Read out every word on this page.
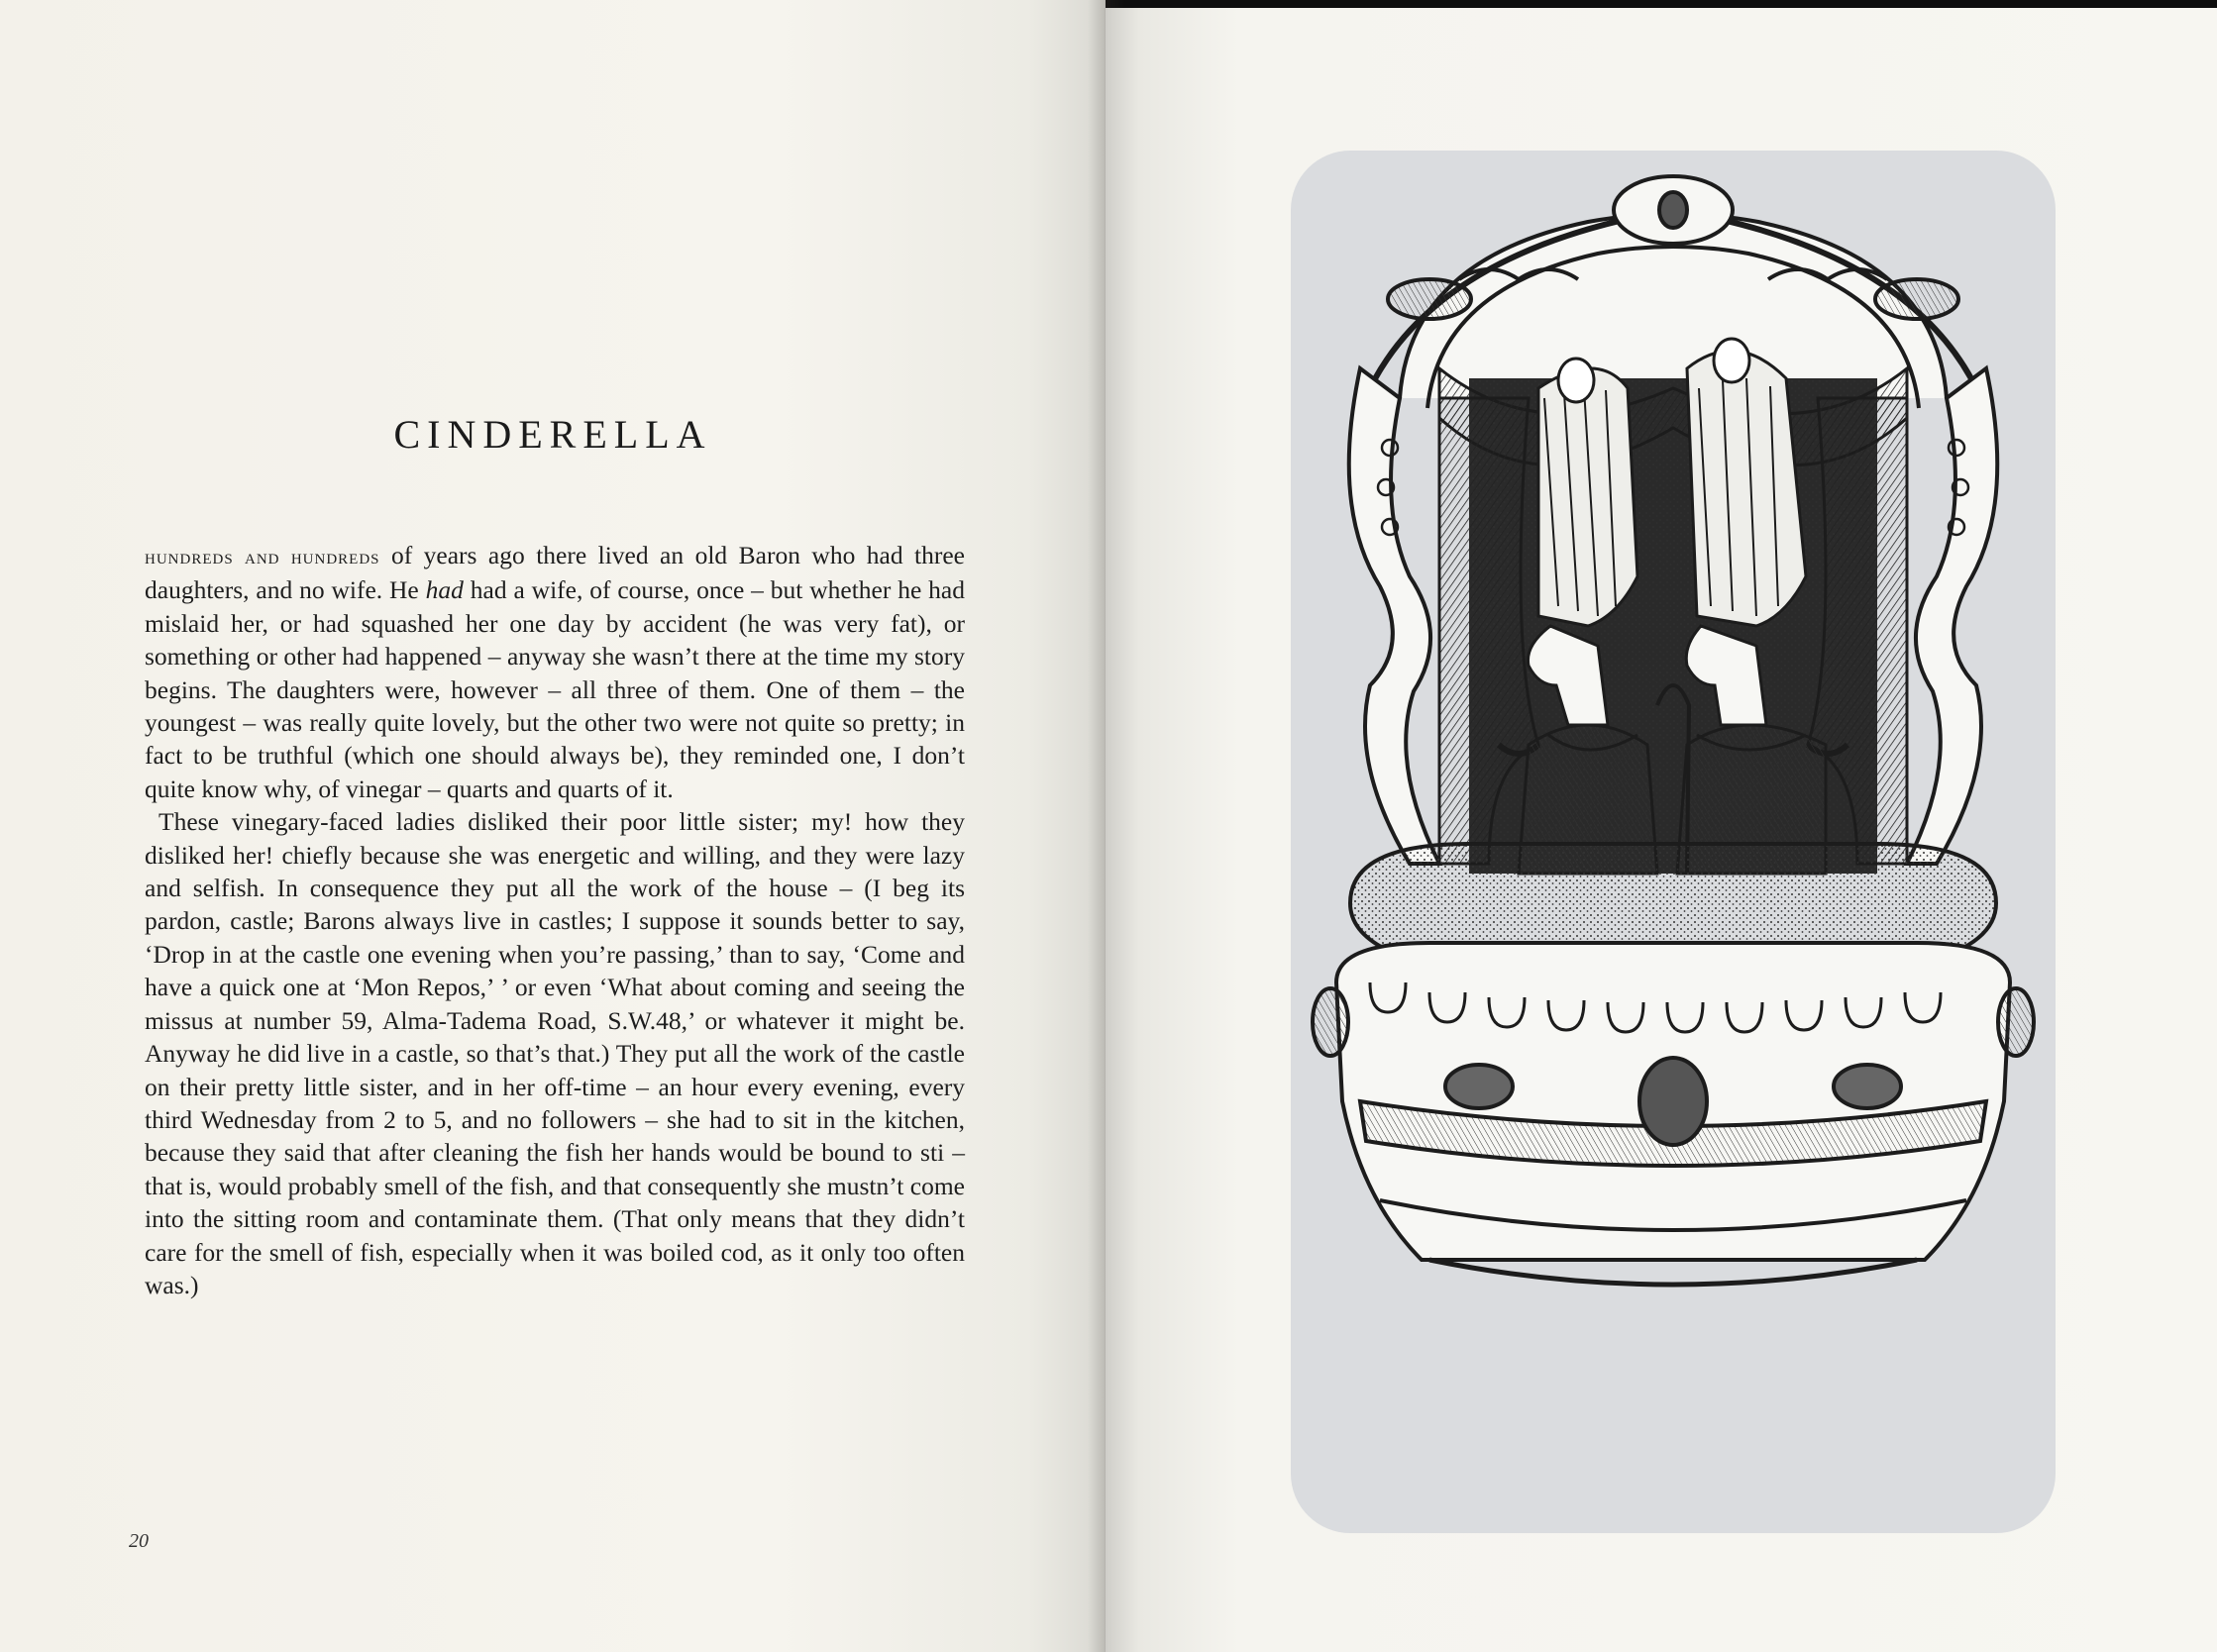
CINDERELLA

hundreds and hundreds of years ago there lived an old Baron who had three daughters, and no wife. He had had a wife, of course, once – but whether he had mislaid her, or had squashed her one day by accident (he was very fat), or something or other had happened – anyway she wasn’t there at the time my story begins. The daughters were, however – all three of them. One of them – the youngest – was really quite lovely, but the other two were not quite so pretty; in fact to be truthful (which one should always be), they reminded one, I don’t quite know why, of vinegar – quarts and quarts of it.

These vinegary-faced ladies disliked their poor little sister; my! how they disliked her! chiefly because she was energetic and willing, and they were lazy and selfish. In consequence they put all the work of the house – (I beg its pardon, castle; Barons always live in castles; I suppose it sounds better to say, ‘Drop in at the castle one evening when you’re passing,’ than to say, ‘Come and have a quick one at ‘Mon Repos,’ ’ or even ‘What about coming and seeing the missus at number 59, Alma-Tadema Road, S.W.48,’ or whatever it might be. Anyway he did live in a castle, so that’s that.) They put all the work of the castle on their pretty little sister, and in her off-time – an hour every evening, every third Wednesday from 2 to 5, and no followers – she had to sit in the kitchen, because they said that after cleaning the fish her hands would be bound to sti – that is, would probably smell of the fish, and that consequently she mustn’t come into the sitting room and contaminate them. (That only means that they didn’t care for the smell of fish, especially when it was boiled cod, as it only too often was.)

20
